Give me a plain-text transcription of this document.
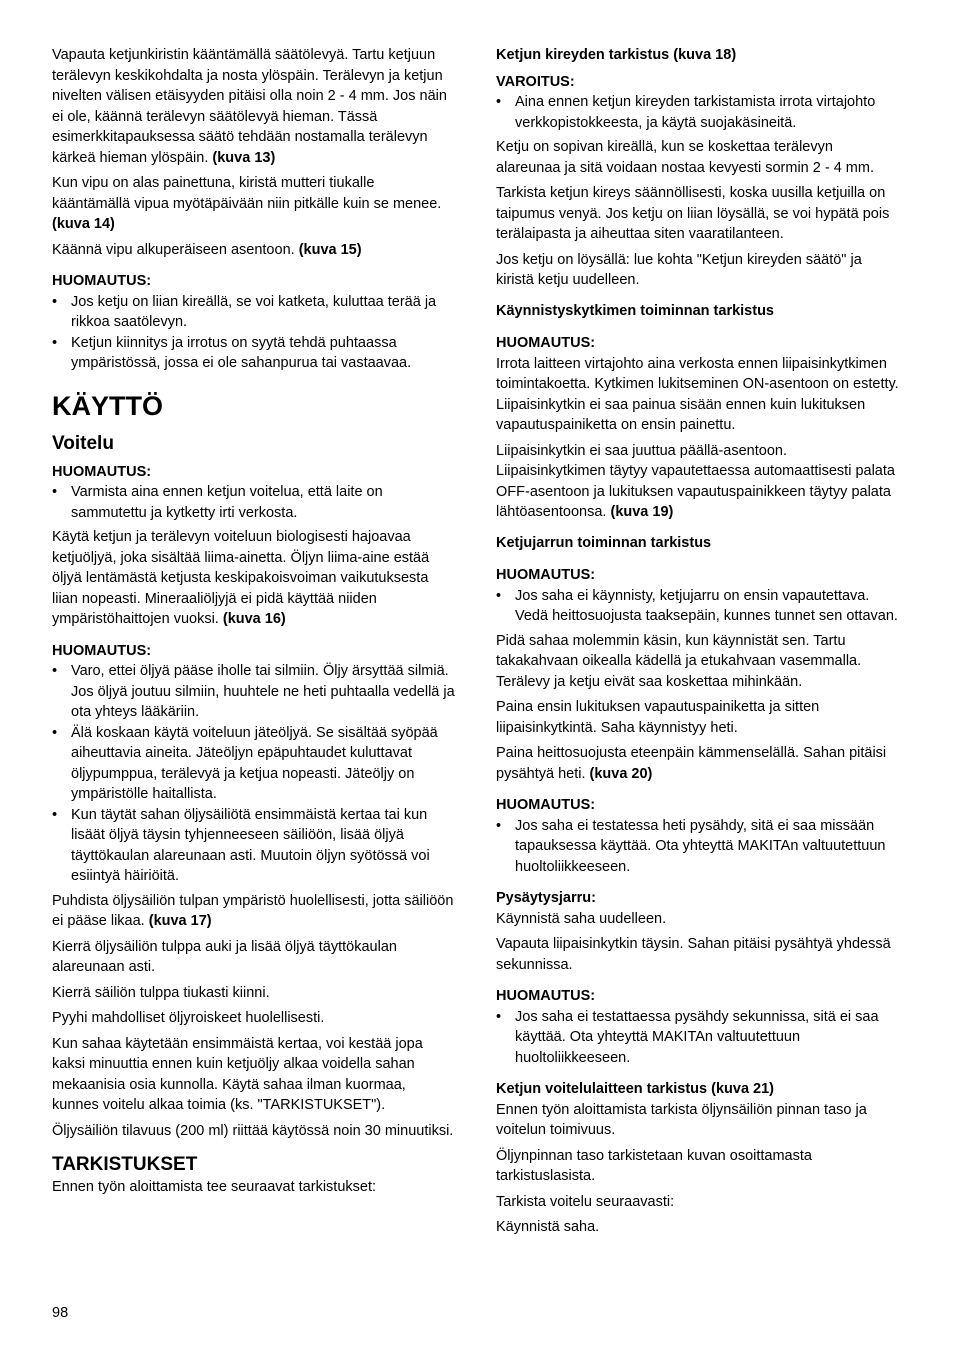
Vapauta ketjunkiristin kääntämällä säätölevyä. Tartu ketjuun terälevyn keskikohdalta ja nosta ylöspäin. Terälevyn ja ketjun nivelten välisen etäisyyden pitäisi olla noin 2 - 4 mm. Jos näin ei ole, käännä terälevyn säätölevyä hieman. Tässä esimerkkitapauksessa säätö tehdään nostamalla terälevyn kärkeä hieman ylöspäin. (kuva 13)

Kun vipu on alas painettuna, kiristä mutteri tiukalle kääntämällä vipua myötäpäivään niin pitkälle kuin se menee. (kuva 14)

Käännä vipu alkuperäiseen asentoon. (kuva 15)

HUOMAUTUS:
• Jos ketju on liian kireällä, se voi katketa, kuluttaa terää ja rikkoa saatölevyn.
• Ketjun kiinnitys ja irrotus on syytä tehdä puhtaassa ympäristössä, jossa ei ole sahanpurua tai vastaavaa.
KÄYTTÖ
Voitelu
HUOMAUTUS:
• Varmista aina ennen ketjun voitelua, että laite on sammutettu ja kytketty irti verkosta.

Käytä ketjun ja terälevyn voiteluun biologisesti hajoavaa ketjuöljyä, joka sisältää liima-ainetta. Öljyn liima-aine estää öljyä lentämästä ketjusta keskipakoisvoiman vaikutuksesta liian nopeasti. Mineraaliöljyjä ei pidä käyttää niiden ympäristöhaittojen vuoksi. (kuva 16)

HUOMAUTUS:
• Varo, ettei öljyä pääse iholle tai silmiin. Öljy ärsyttää silmiä. Jos öljyä joutuu silmiin, huuhtele ne heti puhtaalla vedellä ja ota yhteys lääkäriin.
• Älä koskaan käytä voiteluun jäteöljyä. Se sisältää syöpää aiheuttavia aineita. Jäteöljyn epäpuhtaudet kuluttavat öljypumppua, terälevyä ja ketjua nopeasti. Jäteöljy on ympäristölle haitallista.
• Kun täytät sahan öljysäiliötä ensimmäistä kertaa tai kun lisäät öljyä täysin tyhjenneeseen säiliöön, lisää öljyä täyttökaulan alareunaan asti. Muutoin öljyn syötössä voi esiintyä häiriöitä.

Puhdista öljysäiliön tulpan ympäristö huolellisesti, jotta säiliöön ei pääse likaa. (kuva 17)

Kierrä öljysäiliön tulppa auki ja lisää öljyä täyttökaulan alareunaan asti.

Kierrä säiliön tulppa tiukasti kiinni.

Pyyhi mahdolliset öljyroiskeet huolellisesti.

Kun sahaa käytetään ensimmäistä kertaa, voi kestää jopa kaksi minuuttia ennen kuin ketjuöljy alkaa voidella sahan mekaanisia osia kunnolla. Käytä sahaa ilman kuormaa, kunnes voitelu alkaa toimia (ks. "TARKISTUKSET").

Öljysäiliön tilavuus (200 ml) riittää käytössä noin 30 minuutiksi.

TARKISTUKSET

Ennen työn aloittamista tee seuraavat tarkistukset:

Ketjun kireyden tarkistus (kuva 18)
VAROITUS:
• Aina ennen ketjun kireyden tarkistamista irrota virtajohto verkkopistokkeesta, ja käytä suojakäsineitä.

Ketju on sopivan kireällä, kun se koskettaa terälevyn alareunaa ja sitä voidaan nostaa kevyesti sormin 2 - 4 mm.

Tarkista ketjun kireys säännöllisesti, koska uusilla ketjuilla on taipumus venyä. Jos ketju on liian löysällä, se voi hypätä pois terälaipasta ja aiheuttaa siten vaaratilanteen.

Jos ketju on löysällä: lue kohta "Ketjun kireyden säätö" ja kiristä ketju uudelleen.

Käynnistyskytkimen toiminnan tarkistus
HUOMAUTUS:

Irrota laitteen virtajohto aina verkosta ennen liipaisinkytkimen toimintakoetta. Kytkimen lukitseminen ON-asentoon on estetty. Liipaisinkytkin ei saa painua sisään ennen kuin lukituksen vapautuspainiketta on ensin painettu.

Liipaisinkytkin ei saa juuttua päällä-asentoon. Liipaisinkytkimen täytyy vapautettaessa automaattisesti palata OFF-asentoon ja lukituksen vapautuspainikkeen täytyy palata lähtöasentoonsa. (kuva 19)

Ketjujarrun toiminnan tarkistus
HUOMAUTUS:
• Jos saha ei käynnisty, ketjujarru on ensin vapautettava. Vedä heittosuojusta taaksepäin, kunnes tunnet sen ottavan.

Pidä sahaa molemmin käsin, kun käynnistät sen. Tartu takakahvaan oikealla kädellä ja etukahvaan vasemmalla. Terälevy ja ketju eivät saa koskettaa mihinkään.

Paina ensin lukituksen vapautuspainiketta ja sitten liipaisinkytkintä. Saha käynnistyy heti.

Paina heittosuojusta eteenpäin kämmenselällä. Sahan pitäisi pysähtyä heti. (kuva 20)

HUOMAUTUS:
• Jos saha ei testatessa heti pysähdy, sitä ei saa missään tapauksessa käyttää. Ota yhteyttä MAKITAn valtuutettuun huoltoliikkeeseen.
Pysäytysjarru:

Käynnistä saha uudelleen.

Vapauta liipaisinkytkin täysin. Sahan pitäisi pysähtyä yhdessä sekunnissa.

HUOMAUTUS:
• Jos saha ei testattaessa pysähdy sekunnissa, sitä ei saa käyttää. Ota yhteyttä MAKITAn valtuutettuun huoltoliikkeeseen.
Ketjun voitelulaitteen tarkistus (kuva 21)

Ennen työn aloittamista tarkista öljynsäiliön pinnan taso ja voitelun toimivuus.

Öljynpinnan taso tarkistetaan kuvan osoittamasta tarkistuslasista.

Tarkista voitelu seuraavasti:

Käynnistä saha.

98
